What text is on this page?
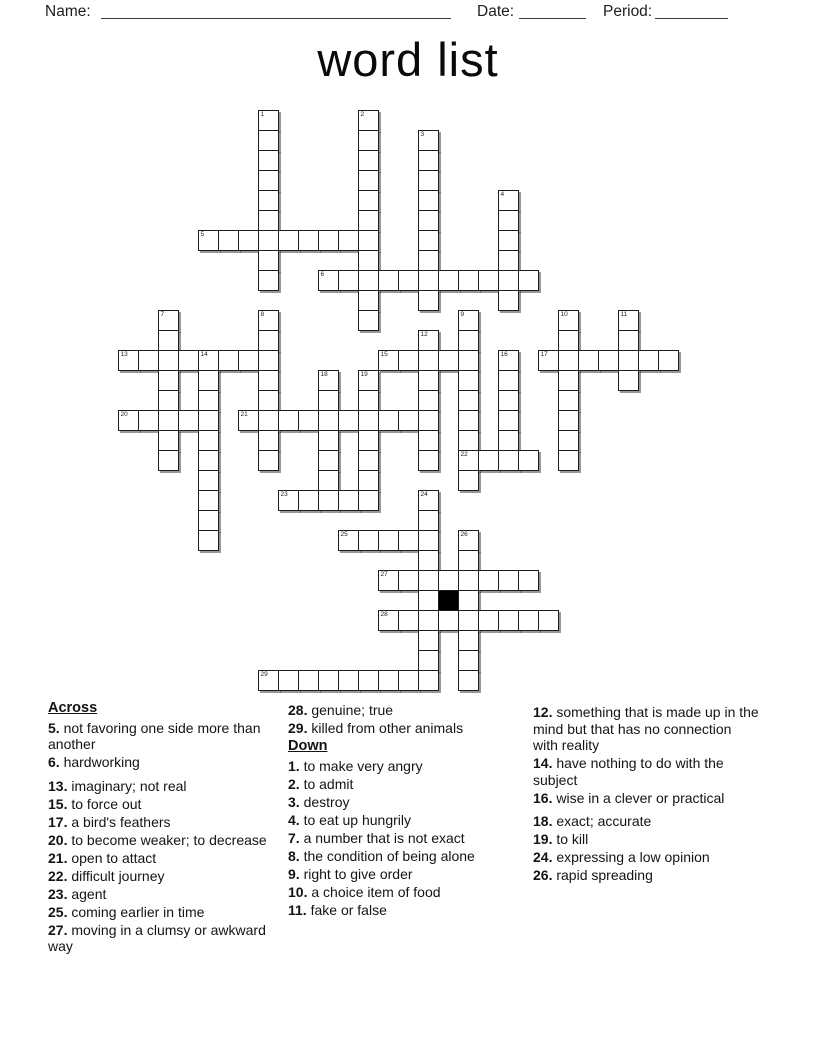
Name:	Date:	Period:
word list
1	2
3
4
5
6
7	8	9	10	11
12
13	14	15	16	17
18	19
20	21
22
23	24
25	26
27
28
29
Across
5. not favoring one side more than another
6. hardworking
13. imaginary; not real
15. to force out
17. a bird's feathers
20. to become weaker; to decrease
21. open to attact
22. difficult journey
23. agent
25. coming earlier in time
27. moving in a clumsy or awkward way
28. genuine; true
29. killed from other animals
Down
1. to make very angry
2. to admit
3. destroy
4. to eat up hungrily
7. a number that is not exact
8. the condition of being alone
9. right to give order
10. a choice item of food
11. fake or false
12. something that is made up in the mind but that has no connection with reality
14. have nothing to do with the subject
16. wise in a clever or practical
18. exact; accurate
19. to kill
24. expressing a low opinion
26. rapid spreading
